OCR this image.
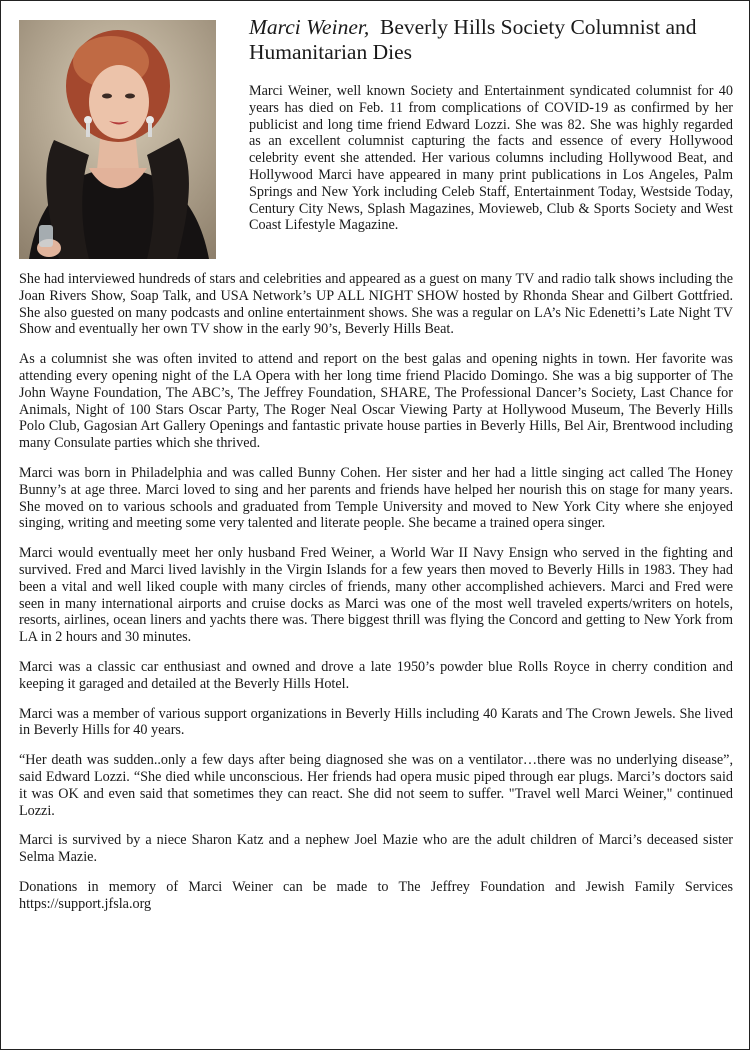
Marci Weiner,  Beverly Hills Society Columnist and Humanitarian Dies

Marci Weiner, well known Society and Entertainment syndicated columnist for 40 years has died on Feb. 11 from complications of COVID-19 as confirmed by her publicist and long time friend Edward Lozzi. She was 82. She was highly regarded as an excellent columnist capturing the facts and essence of every Hollywood celebrity event she attended. Her various columns including Hollywood Beat, and Hollywood Marci have appeared in many print publications in Los Angeles, Palm Springs and New York including Celeb Staff, Entertainment Today, Westside Today, Century City News, Splash Magazines, Movieweb, Club & Sports Society and West Coast Lifestyle Magazine.

She had interviewed hundreds of stars and celebrities and appeared as a guest on many TV and radio talk shows including the Joan Rivers Show, Soap Talk, and USA Network’s UP ALL NIGHT SHOW hosted by Rhonda Shear and Gilbert Gottfried. She also guested on many podcasts and online entertainment shows. She was a regular on LA’s Nic Edenetti’s Late Night TV Show and eventually her own TV show in the early 90’s, Beverly Hills Beat.

As a columnist she was often invited to attend and report on the best galas and opening nights in town. Her favorite was attending every opening night of the LA Opera with her long time friend Placido Domingo. She was a big supporter of The John Wayne Foundation, The ABC’s, The Jeffrey Foundation, SHARE, The Professional Dancer’s Society, Last Chance for Animals, Night of 100 Stars Oscar Party, The Roger Neal Oscar Viewing Party at Hollywood Museum, The Beverly Hills Polo Club, Gagosian Art Gallery Openings and fantastic private house parties in Beverly Hills, Bel Air, Brentwood including many Consulate parties which she thrived.

Marci was born in Philadelphia and was called Bunny Cohen. Her sister and her had a little singing act called The Honey Bunny’s at age three. Marci loved to sing and her parents and friends have helped her nourish this on stage for many years. She moved on to various schools and graduated from Temple University and moved to New York City where she enjoyed singing, writing and meeting some very talented and literate people. She became a trained opera singer.

Marci would eventually meet her only husband Fred Weiner, a World War II Navy Ensign who served in the fighting and survived. Fred and Marci lived lavishly in the Virgin Islands for a few years then moved to Beverly Hills in 1983. They had been a vital and well liked couple with many circles of friends, many other accomplished achievers. Marci and Fred were seen in many international airports and cruise docks as Marci was one of the most well traveled experts/writers on hotels, resorts, airlines, ocean liners and yachts there was. There biggest thrill was flying the Concord and getting to New York from LA in 2 hours and 30 minutes.

Marci was a classic car enthusiast and owned and drove a late 1950’s powder blue Rolls Royce in cherry condition and keeping it garaged and detailed at the Beverly Hills Hotel.

Marci was a member of various support organizations in Beverly Hills including 40 Karats and The Crown Jewels. She lived in Beverly Hills for 40 years.

“Her death was sudden..only a few days after being diagnosed she was on a ventilator…there was no underlying disease”, said Edward Lozzi. “She died while unconscious. Her friends had opera music piped through ear plugs. Marci’s doctors said it was OK and even said that sometimes they can react. She did not seem to suffer. "Travel well Marci Weiner," continued Lozzi.

Marci is survived by a niece Sharon Katz and a nephew Joel Mazie who are the adult children of Marci’s deceased sister Selma Mazie.

Donations in memory of Marci Weiner can be made to The Jeffrey Foundation and Jewish Family Services https://support.jfsla.org
